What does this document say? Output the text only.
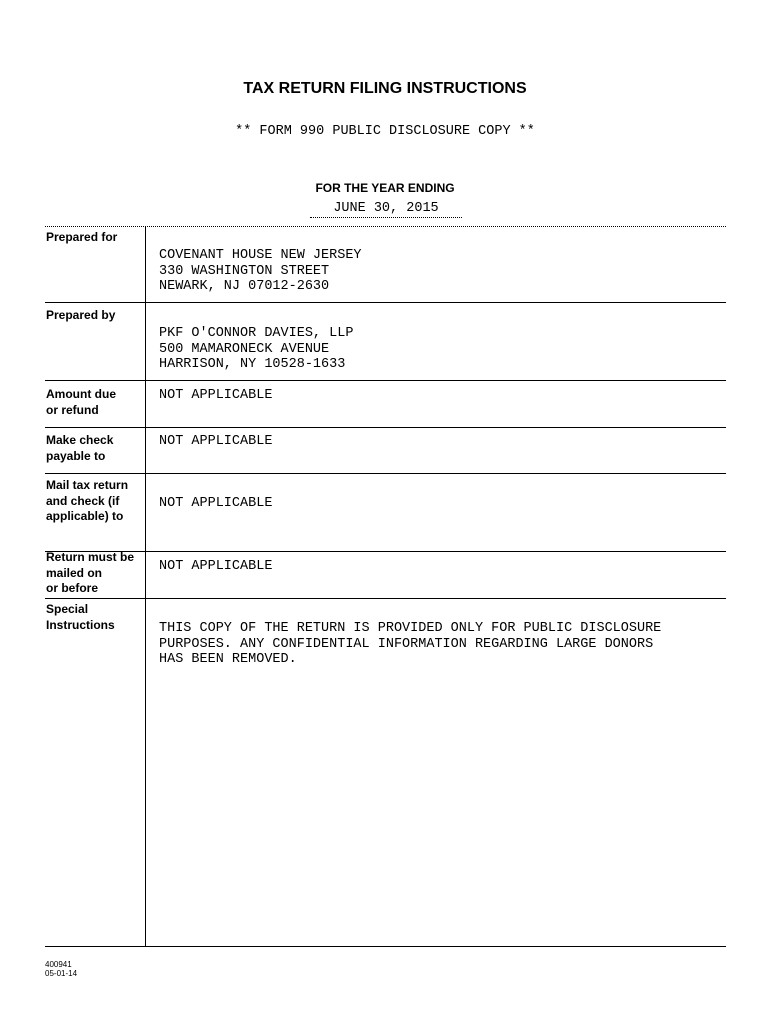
TAX RETURN FILING INSTRUCTIONS
** FORM 990 PUBLIC DISCLOSURE COPY **
FOR THE YEAR ENDING
JUNE 30, 2015
Prepared for
COVENANT HOUSE NEW JERSEY
330 WASHINGTON STREET
NEWARK, NJ 07012-2630
Prepared by
PKF O'CONNOR DAVIES, LLP
500 MAMARONECK AVENUE
HARRISON, NY 10528-1633
Amount due
or refund
NOT APPLICABLE
Make check
payable to
NOT APPLICABLE
Mail tax return
and check (if
applicable) to
NOT APPLICABLE
Return must be
mailed on
or before
NOT APPLICABLE
Special
Instructions	THIS COPY OF THE RETURN IS PROVIDED ONLY FOR PUBLIC DISCLOSURE
PURPOSES. ANY CONFIDENTIAL INFORMATION REGARDING LARGE DONORS
HAS BEEN REMOVED.
400941
05-01-14
